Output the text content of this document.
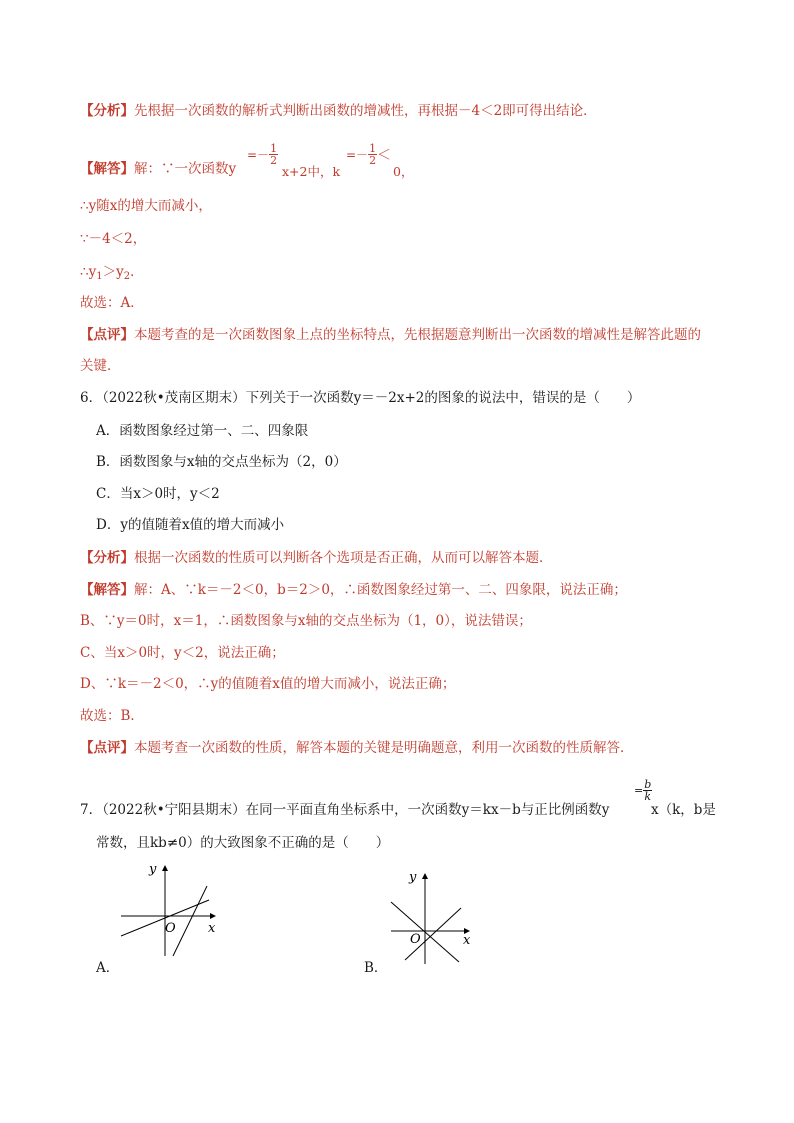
【分析】先根据一次函数的解析式判断出函数的增减性，再根据－4＜2即可得出结论．
【解答】解：∵一次函数y
=－ $\frac{1}{2}$
x+2中，k
=－ $\frac{1}{2}$ ＜
0，
∴y随x的增大而减小，
∵－4＜2，
$\therefore y_1>y_2$．
故选：A．
【点评】本题考查的是一次函数图象上点的坐标特点，先根据题意判断出一次函数的增减性是解答此题的
关键．
6．（2022秋•茂南区期末）下列关于一次函数y＝－2x+2的图象的说法中，错误的是（　　）
A．函数图象经过第一、二、四象限
B．函数图象与x轴的交点坐标为（2，0）
C．当x＞0时，y＜2
D．y的值随着x值的增大而减小
【分析】根据一次函数的性质可以判断各个选项是否正确，从而可以解答本题．
【解答】解：A、∵k＝－2＜0，b＝2＞0，∴函数图象经过第一、二、四象限，说法正确；
B、∵y＝0时，x＝1，∴函数图象与x轴的交点坐标为（1，0），说法错误；
C、当x＞0时，y＜2，说法正确；
D、∵k＝－2＜0，∴y的值随着x值的增大而减小，说法正确；
故选：B．
【点评】本题考查一次函数的性质，解答本题的关键是明确题意，利用一次函数的性质解答．
7．（2022秋•宁阳县期末）在同一平面直角坐标系中，一次函数y＝kx－b与正比例函数y
= $\frac{b}{k}$
x（k，b是
常数，且kb≠0）的大致图象不正确的是（　　）
y
x
O
A．
y
x
O
B．
